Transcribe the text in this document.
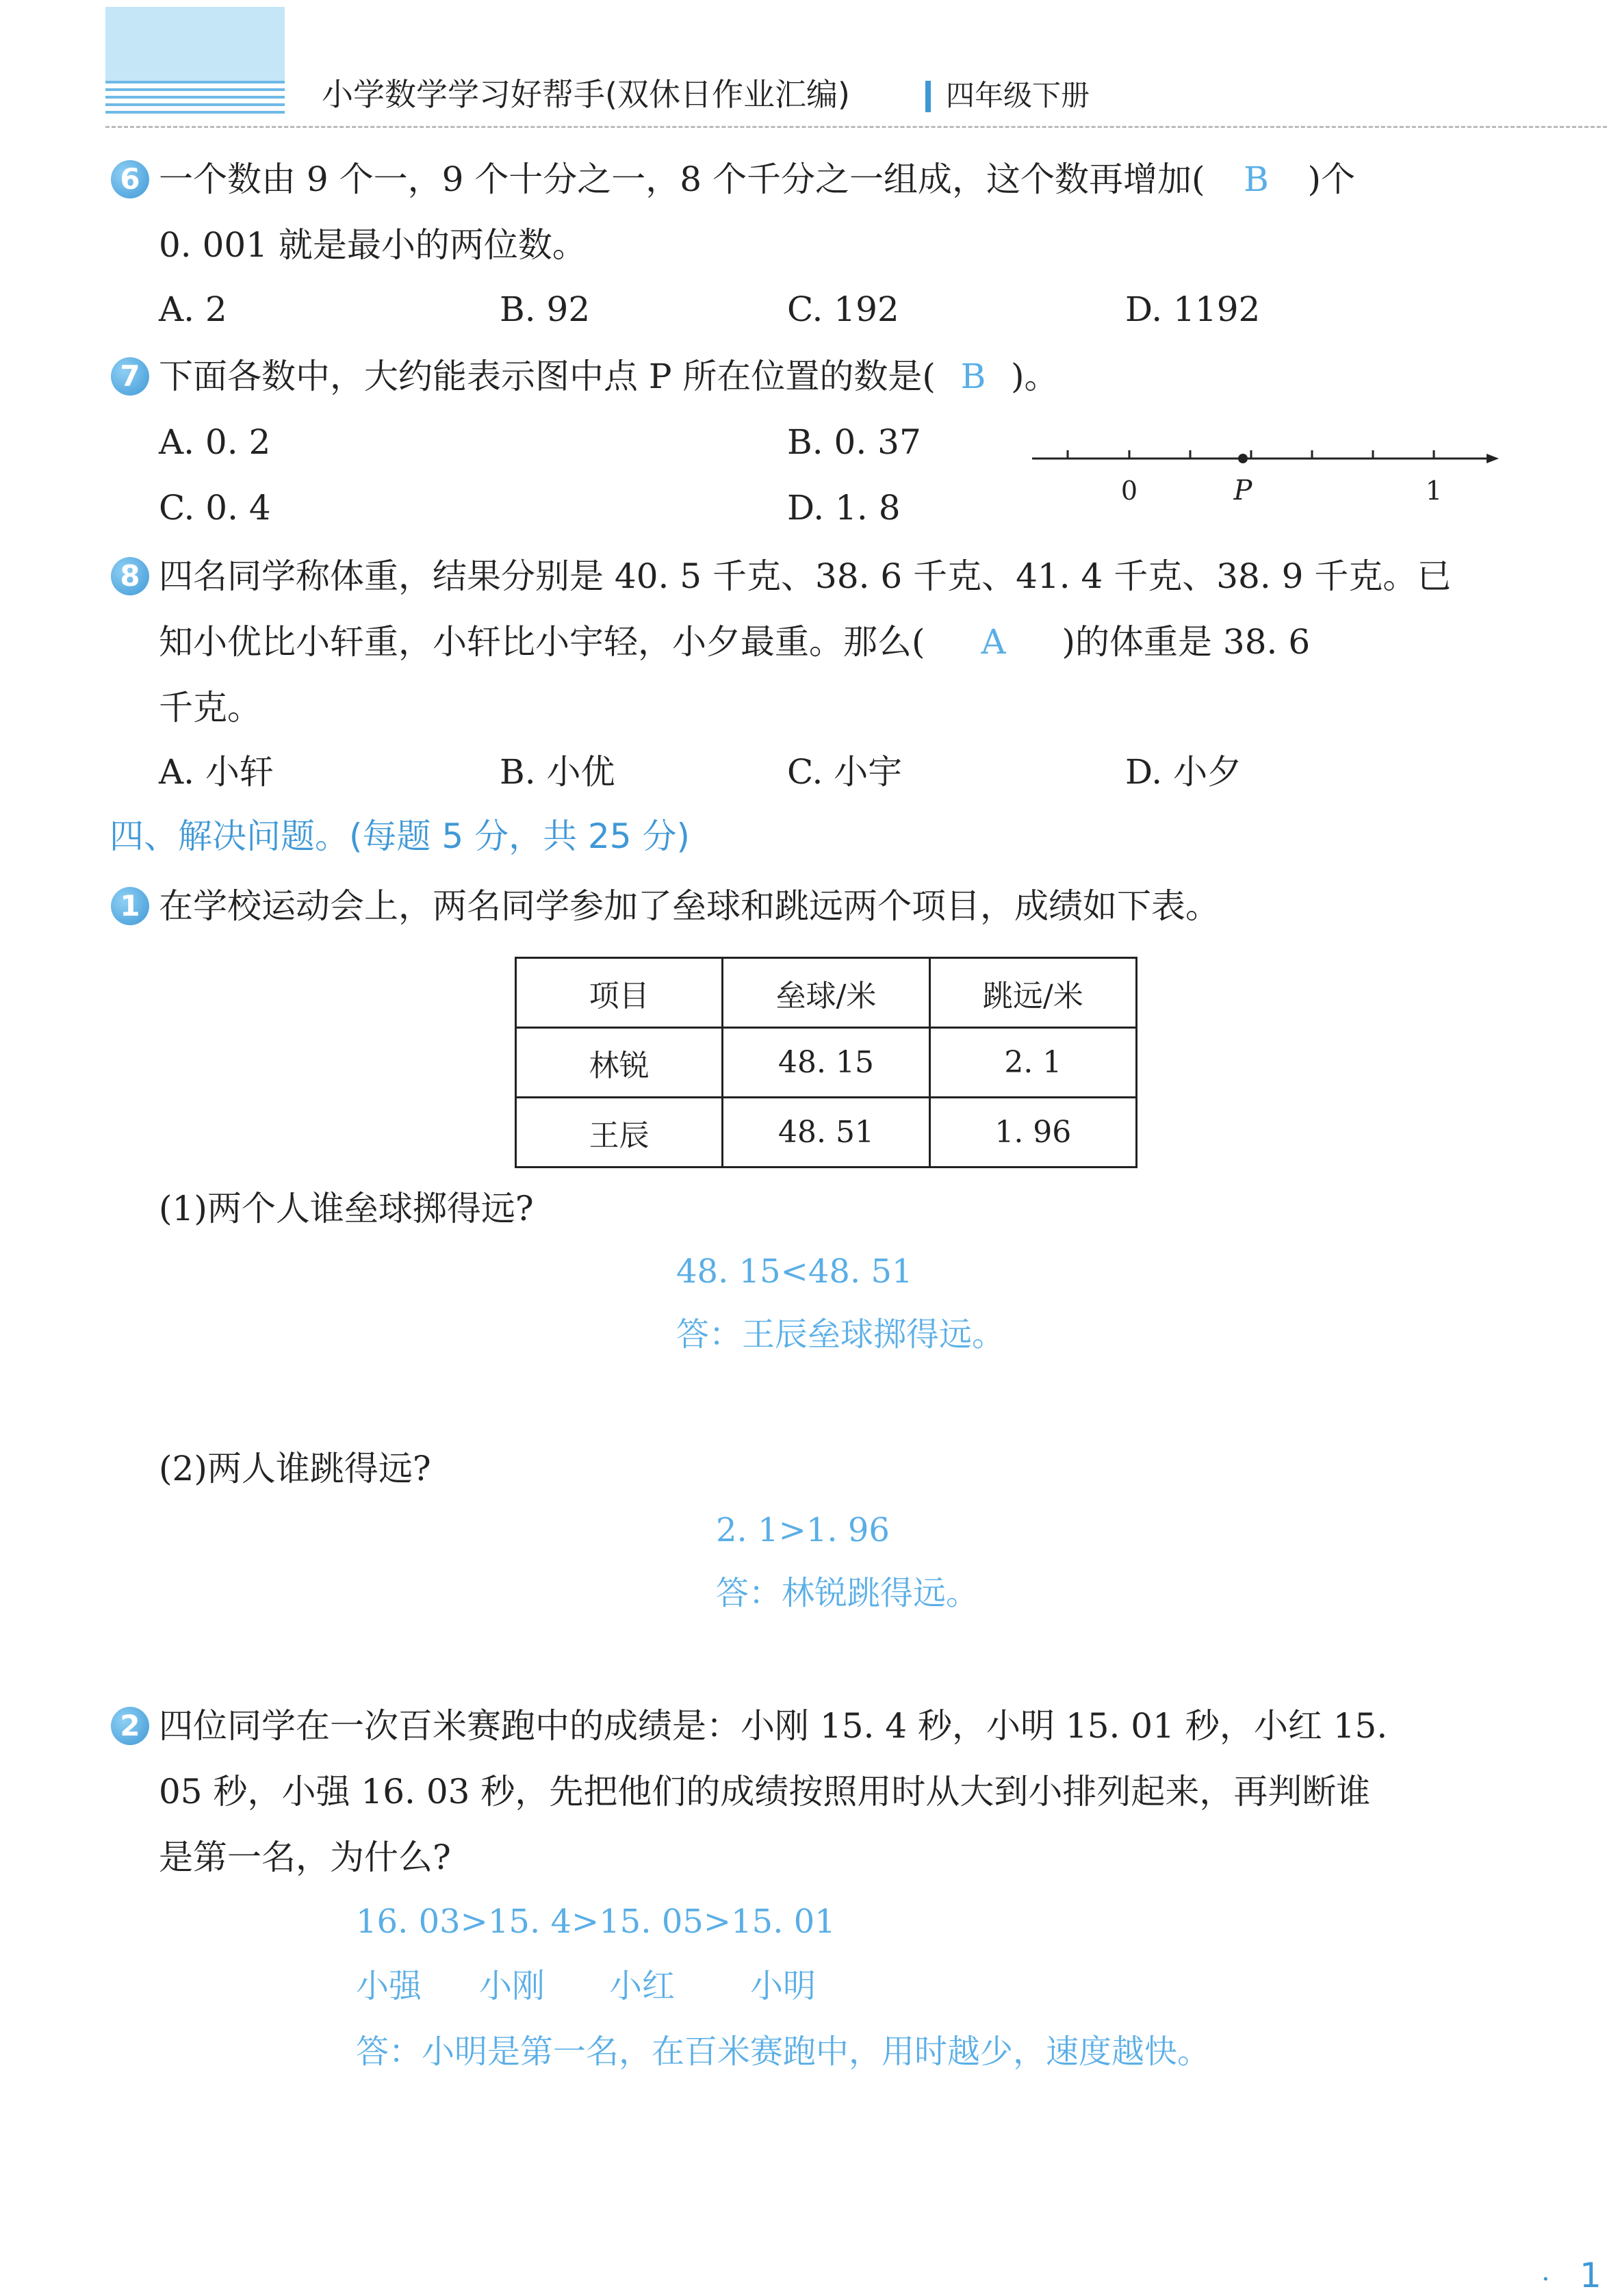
小学数学学习好帮手(双休日作业汇编)	四年级下册
6 一个数由 9 个一，9 个十分之一，8 个千分之一组成，这个数再增加( B )个
0. 001 就是最小的两位数。
A. 2	B. 92	C. 192	D. 1192
7 下面各数中，大约能表示图中点 P 所在位置的数是( B )。
A. 0. 2	B. 0. 37
C. 0. 4	D. 1. 8	0	P	1
8 四名同学称体重，结果分别是 40. 5 千克、38. 6 千克、41. 4 千克、38. 9 千克。已
知小优比小轩重，小轩比小宇轻，小夕最重。那么( A )的体重是 38. 6
千克。
A. 小轩	B. 小优	C. 小宇	D. 小夕
四、解决问题。(每题 5 分，共 25 分)
1 在学校运动会上，两名同学参加了垒球和跳远两个项目，成绩如下表。
项目	垒球/米	跳远/米
林锐	48. 15	2. 1
王辰	48. 51	1. 96
(1)两个人谁垒球掷得远?
48. 15<48. 51
答：王辰垒球掷得远。
(2)两人谁跳得远?
2. 1>1. 96
答：林锐跳得远。
2 四位同学在一次百米赛跑中的成绩是：小刚 15. 4 秒，小明 15. 01 秒，小红 15.
05 秒，小强 16. 03 秒，先把他们的成绩按照用时从大到小排列起来，再判断谁
是第一名，为什么?
16. 03>15. 4>15. 05>15. 01
小强 小刚 小红 小明
答：小明是第一名，在百米赛跑中，用时越少，速度越快。
· 1
